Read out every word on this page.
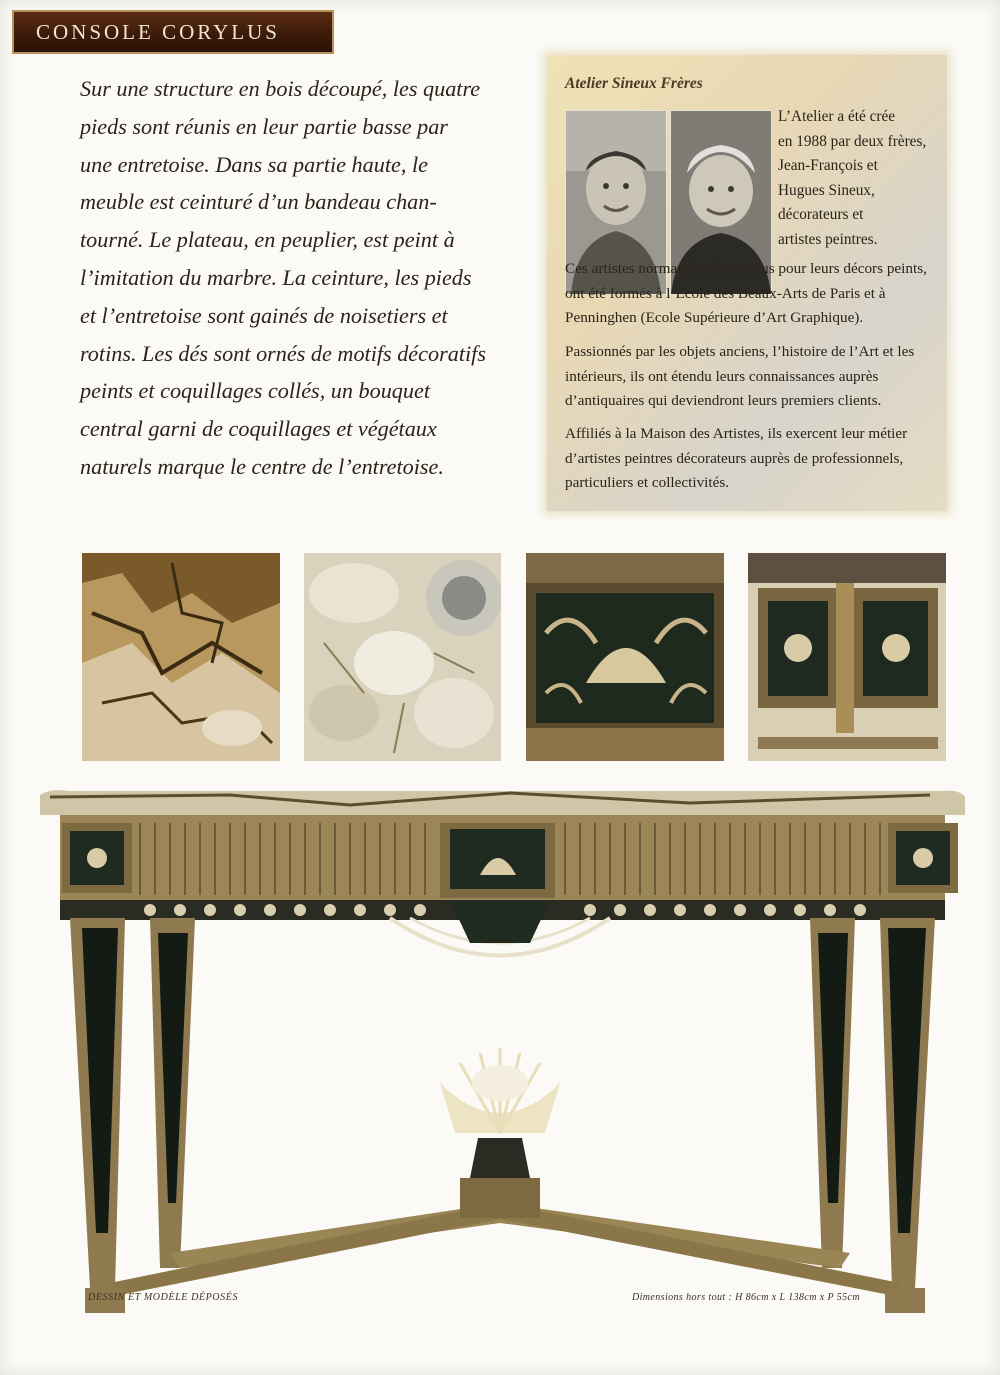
CONSOLE CORYLUS
Sur une structure en bois découpé, les quatre
pieds sont réunis en leur partie basse par
une entretoise. Dans sa partie haute, le
meuble est ceinturé d’un bandeau chan-
tourné. Le plateau, en peuplier, est peint à
l’imitation du marbre. La ceinture, les pieds
et l’entretoise sont gainés de noisetiers et
rotins. Les dés sont ornés de motifs décoratifs
peints et coquillages collés, un bouquet
central garni de coquillages et végétaux
naturels marque le centre de l’entretoise.
Atelier Sineux Frères
L’Atelier a été crée
en 1988 par deux frères,
Jean-François et
Hugues Sineux,
décorateurs et
artistes peintres.
Ces artistes normands, très connus pour leurs décors peints, ont été formés à l’Ecole des Beaux-Arts de Paris et à Penninghen (Ecole Supérieure d’Art Graphique).
Passionnés par les objets anciens, l’histoire de l’Art et les intérieurs, ils ont étendu leurs connaissances auprès d’antiquaires qui deviendront leurs premiers clients.
Affiliés à la Maison des Artistes, ils exercent leur métier d’artistes peintres décorateurs auprès de professionnels, particuliers et collectivités.
DESSIN ET MODÈLE DÉPOSÉS	Dimensions hors tout : H 86cm x L 138cm x P 55cm
